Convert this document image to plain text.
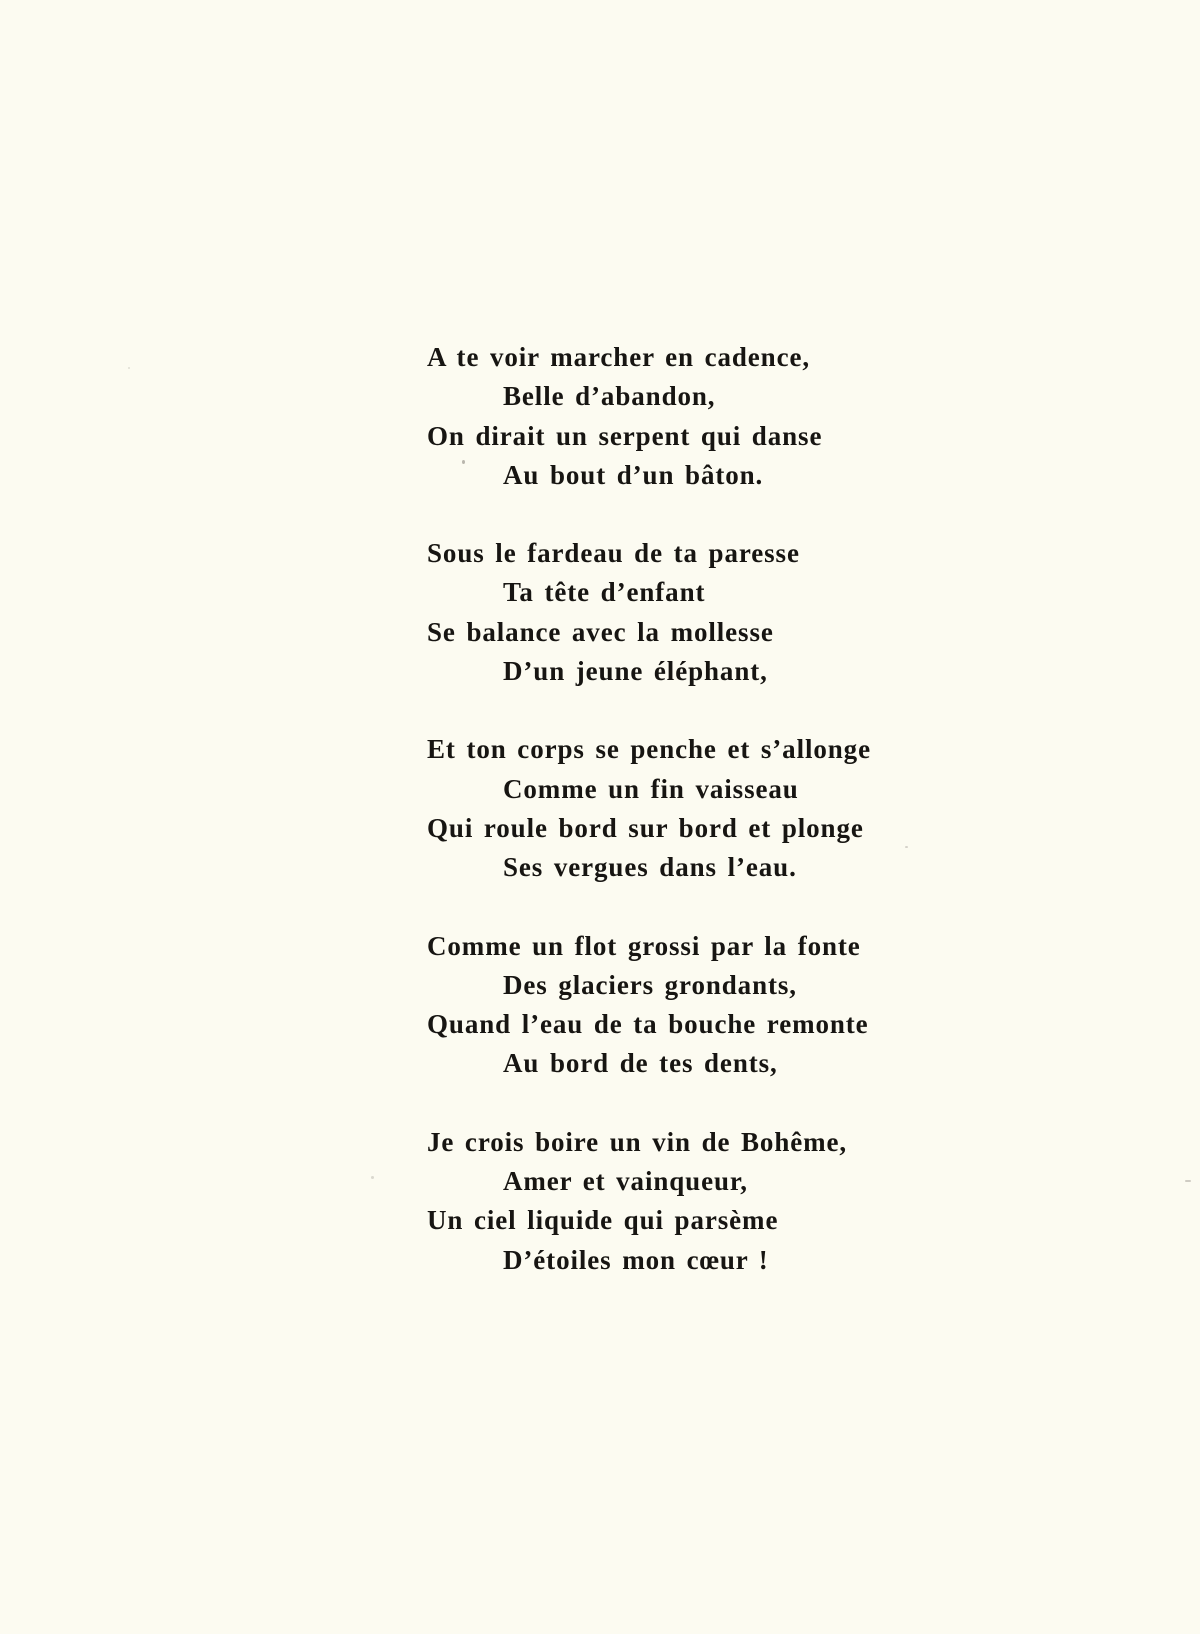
A te voir marcher en cadence,
Belle d’abandon,
On dirait un serpent qui danse
Au bout d’un bâton.
Sous le fardeau de ta paresse
Ta tête d’enfant
Se balance avec la mollesse
D’un jeune éléphant,
Et ton corps se penche et s’allonge
Comme un fin vaisseau
Qui roule bord sur bord et plonge
Ses vergues dans l’eau.
Comme un flot grossi par la fonte
Des glaciers grondants,
Quand l’eau de ta bouche remonte
Au bord de tes dents,
Je crois boire un vin de Bohême,
Amer et vainqueur,
Un ciel liquide qui parsème
D’étoiles mon cœur !
